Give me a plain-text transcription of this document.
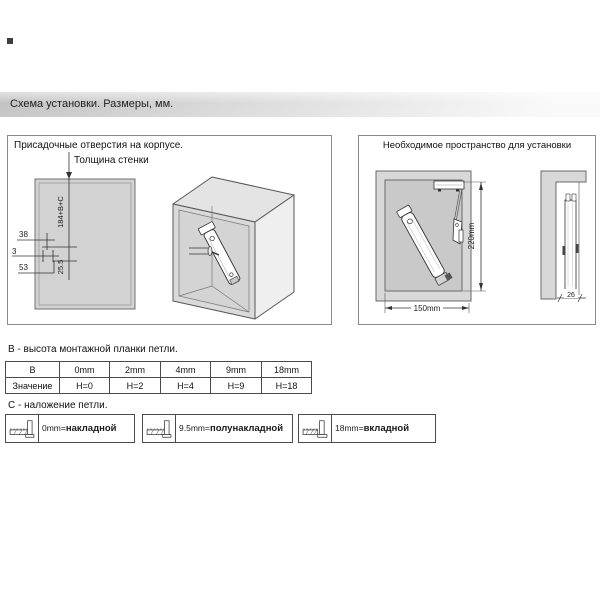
Схема установки. Размеры, мм.
184+B+C
25.5
38
3
53
Присадочные отверстия на корпусе.
Толщина стенки
220mm
150mm
26
Необходимое пространство для установки
В - высота монтажной планки петли.
В	0mm	2mm	4mm	9mm	18mm
Значение	H=0	H=2	H=4	H=9	H=18
С - наложение петли.
0mm=накладной	9.5mm=полунакладной	18mm=вкладной
